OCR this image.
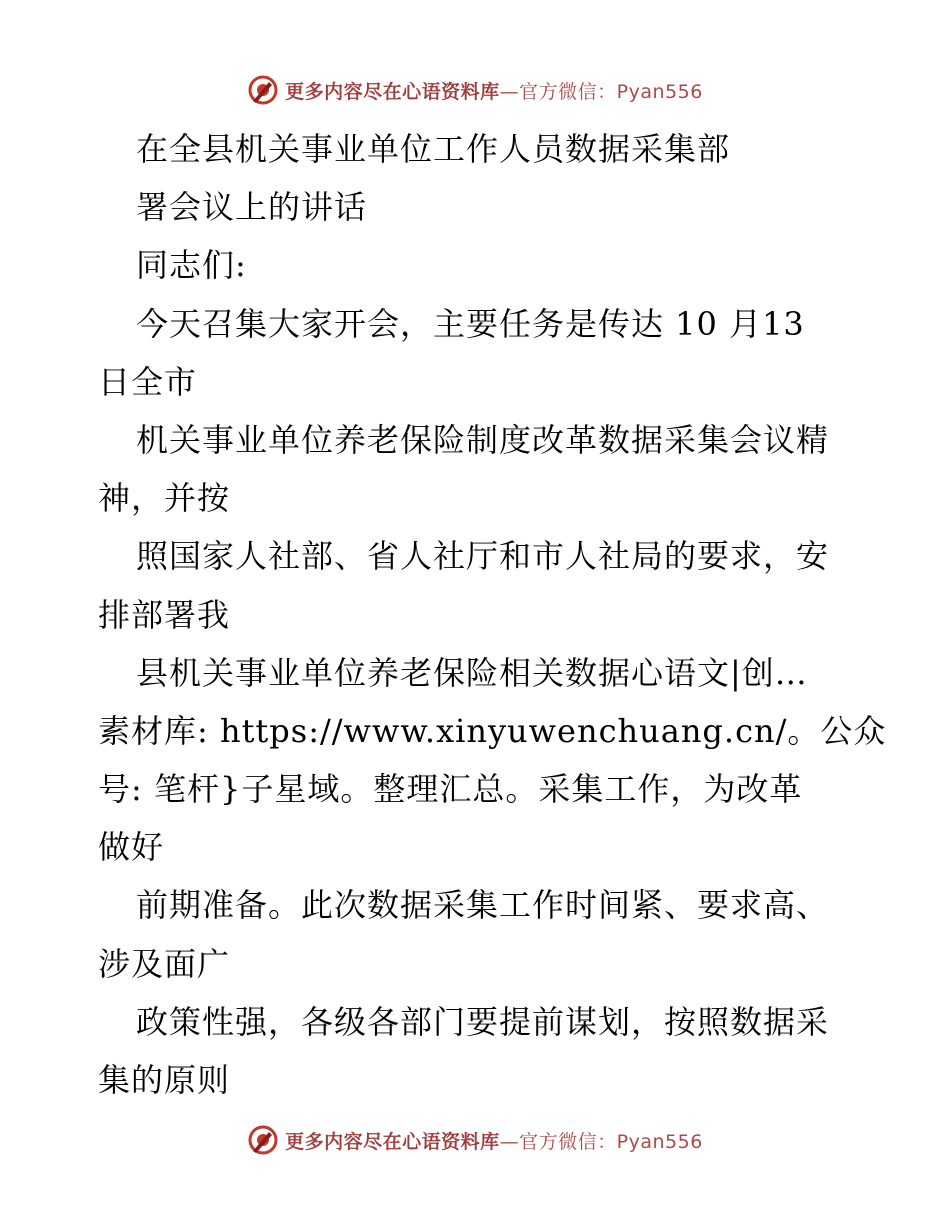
更多内容尽在心语资料库—官方微信：Pyan556
在全县机关事业单位工作人员数据采集部
署会议上的讲话
同志们:
今天召集大家开会，主要任务是传达 10 月13
日全市
机关事业单位养老保险制度改革数据采集会议精
神，并按
照国家人社部、省人社厅和市人社局的要求，安
排部署我
县机关事业单位养老保险相关数据心语文|创…
素材库: https://www.xinyuwenchuang.cn/。公众
号: 笔杆}子星域。整理汇总。采集工作，为改革
做好
前期准备。此次数据采集工作时间紧、要求高、
涉及面广
政策性强，各级各部门要提前谋划，按照数据采
集的原则
更多内容尽在心语资料库—官方微信：Pyan556
